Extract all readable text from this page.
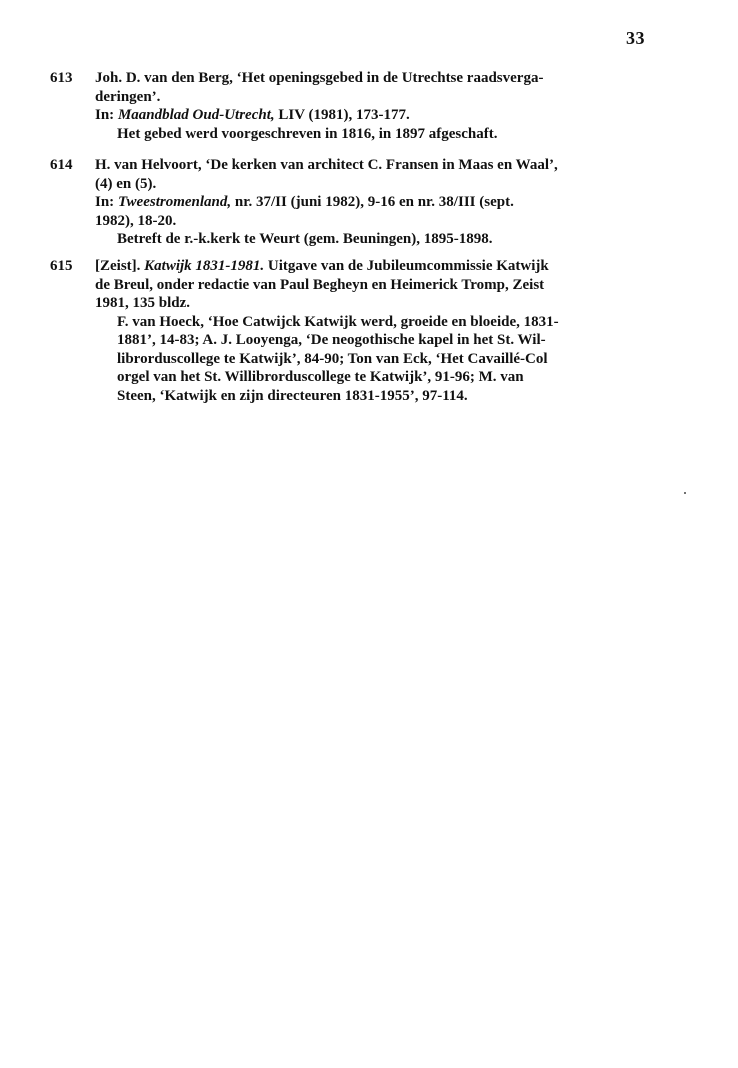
33
613	Joh. D. van den Berg, ‘Het openingsgebed in de Utrechtse raadsverga-
deringen’.
In: Maandblad Oud-Utrecht, LIV (1981), 173-177.
Het gebed werd voorgeschreven in 1816, in 1897 afgeschaft.
614	H. van Helvoort, ‘De kerken van architect C. Fransen in Maas en Waal’,
(4) en (5).
In: Tweestromenland, nr. 37/II (juni 1982), 9-16 en nr. 38/III (sept.
1982), 18-20.
Betreft de r.-k.kerk te Weurt (gem. Beuningen), 1895-1898.
615	[Zeist]. Katwijk 1831-1981. Uitgave van de Jubileumcommissie Katwijk
de Breul, onder redactie van Paul Begheyn en Heimerick Tromp, Zeist
1981, 135 bldz.
F. van Hoeck, ‘Hoe Catwijck Katwijk werd, groeide en bloeide, 1831-
1881’, 14-83; A. J. Looyenga, ‘De neogothische kapel in het St. Wil-
librorduscollege te Katwijk’, 84-90; Ton van Eck, ‘Het Cavaillé-Col
orgel van het St. Willibrorduscollege te Katwijk’, 91-96; M. van
Steen, ‘Katwijk en zijn directeuren 1831-1955’, 97-114.
